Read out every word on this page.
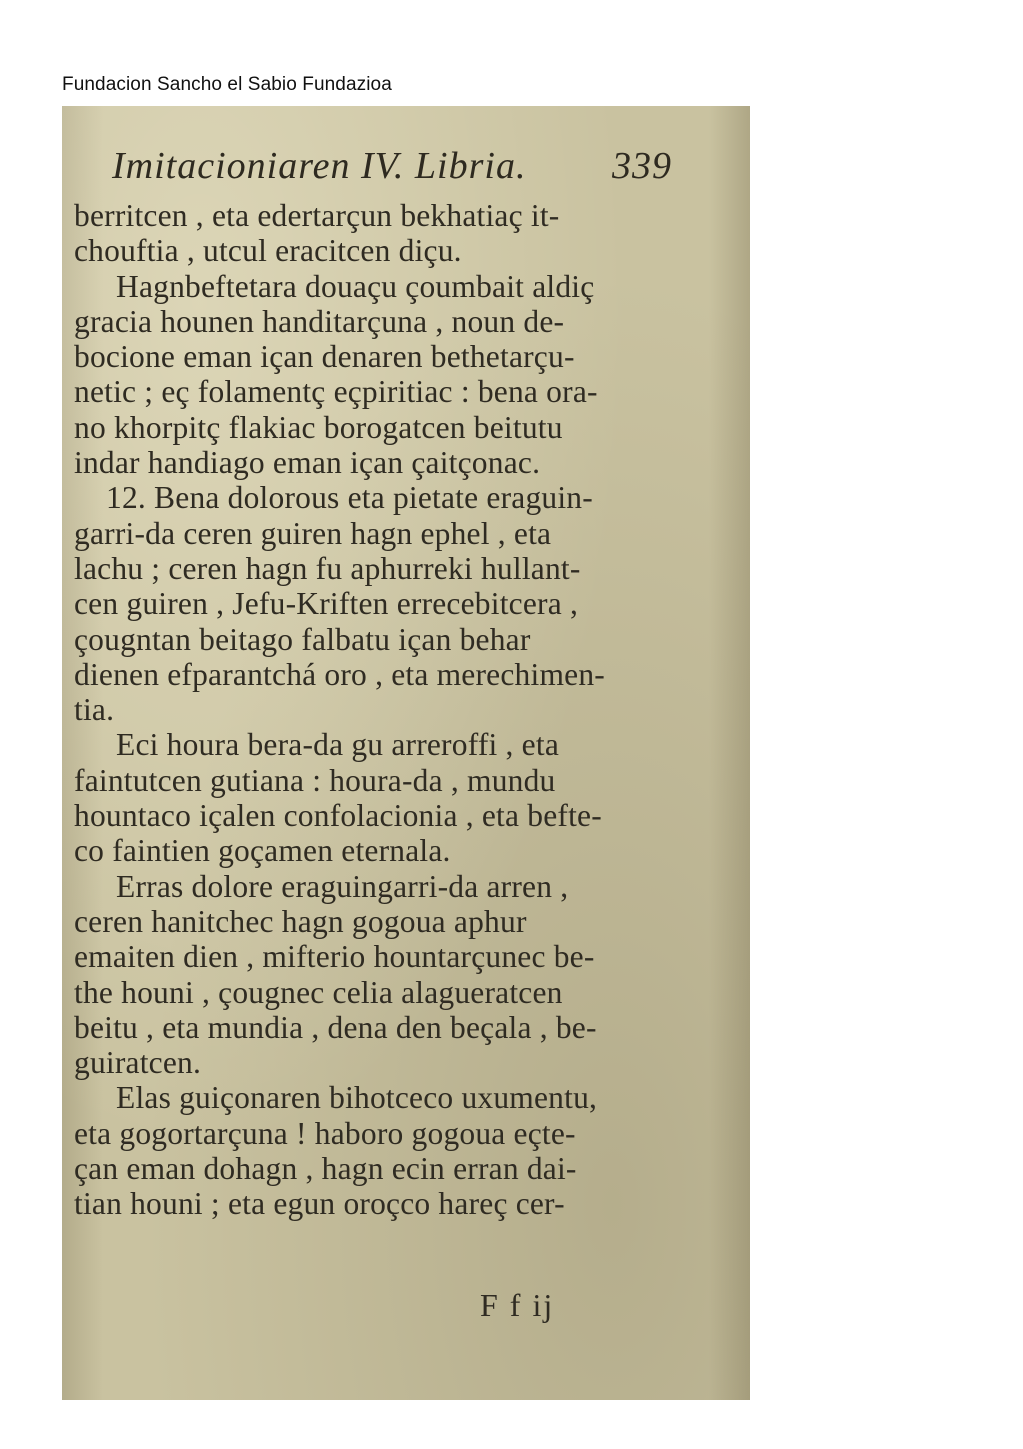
Fundacion Sancho el Sabio Fundazioa
Imitacioniaren IV. Libria. 339
berritcen , eta edertarçun bekhatiaç it-
chouftia , utcul eracitcen diçu.
Hagnbeftetara douaçu çoumbait aldiç
gracia hounen handitarçuna , noun de-
bocione eman içan denaren bethetarçu-
netic ; eç folamentç eçpiritiac : bena ora-
no khorpitç flakiac borogatcen beitutu
indar handiago eman içan çaitçonac.
12. Bena dolorous eta pietate eraguin-
garri-da ceren guiren hagn ephel , eta
lachu ; ceren hagn fu aphurreki hullant-
cen guiren , Jefu-Kriften errecebitcera ,
çougntan beitago falbatu içan behar
dienen efparantchá oro , eta merechimen-
tia.
Eci houra bera-da gu arreroffi , eta
faintutcen gutiana : houra-da , mundu
hountaco içalen confolacionia , eta befte-
co faintien goçamen eternala.
Erras dolore eraguingarri-da arren ,
ceren hanitchec hagn gogoua aphur
emaiten dien , mifterio hountarçunec be-
the houni , çougnec celia alagueratcen
beitu , eta mundia , dena den beçala , be-
guiratcen.
Elas guiçonaren bihotceco uxumentu,
eta gogortarçuna ! haboro gogoua eçte-
çan eman dohagn , hagn ecin erran dai-
tian houni ; eta egun oroçco hareç cer-
F f ij
